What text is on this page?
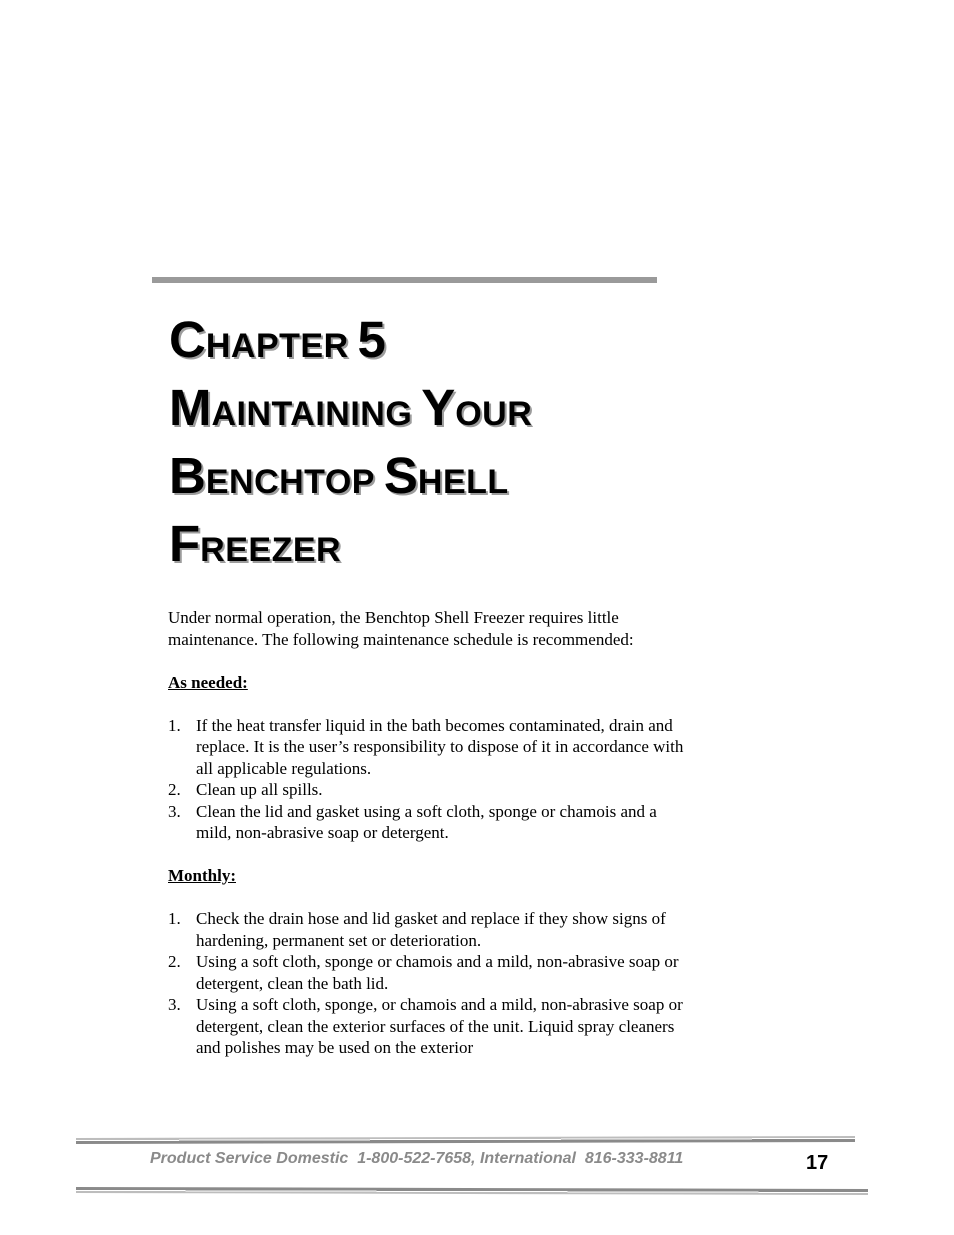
CHAPTER 5
MAINTAINING YOUR
BENCHTOP SHELL
FREEZER

Under normal operation, the Benchtop Shell Freezer requires little maintenance. The following maintenance schedule is recommended:

As needed:

1. If the heat transfer liquid in the bath becomes contaminated, drain and replace. It is the user’s responsibility to dispose of it in accordance with all applicable regulations.
2. Clean up all spills.
3. Clean the lid and gasket using a soft cloth, sponge or chamois and a mild, non-abrasive soap or detergent.

Monthly:

1. Check the drain hose and lid gasket and replace if they show signs of hardening, permanent set or deterioration.
2. Using a soft cloth, sponge or chamois and a mild, non-abrasive soap or detergent, clean the bath lid.
3. Using a soft cloth, sponge, or chamois and a mild, non-abrasive soap or detergent, clean the exterior surfaces of the unit. Liquid spray cleaners and polishes may be used on the exterior
Product Service Domestic  1-800-522-7658, International  816-333-8811	17
